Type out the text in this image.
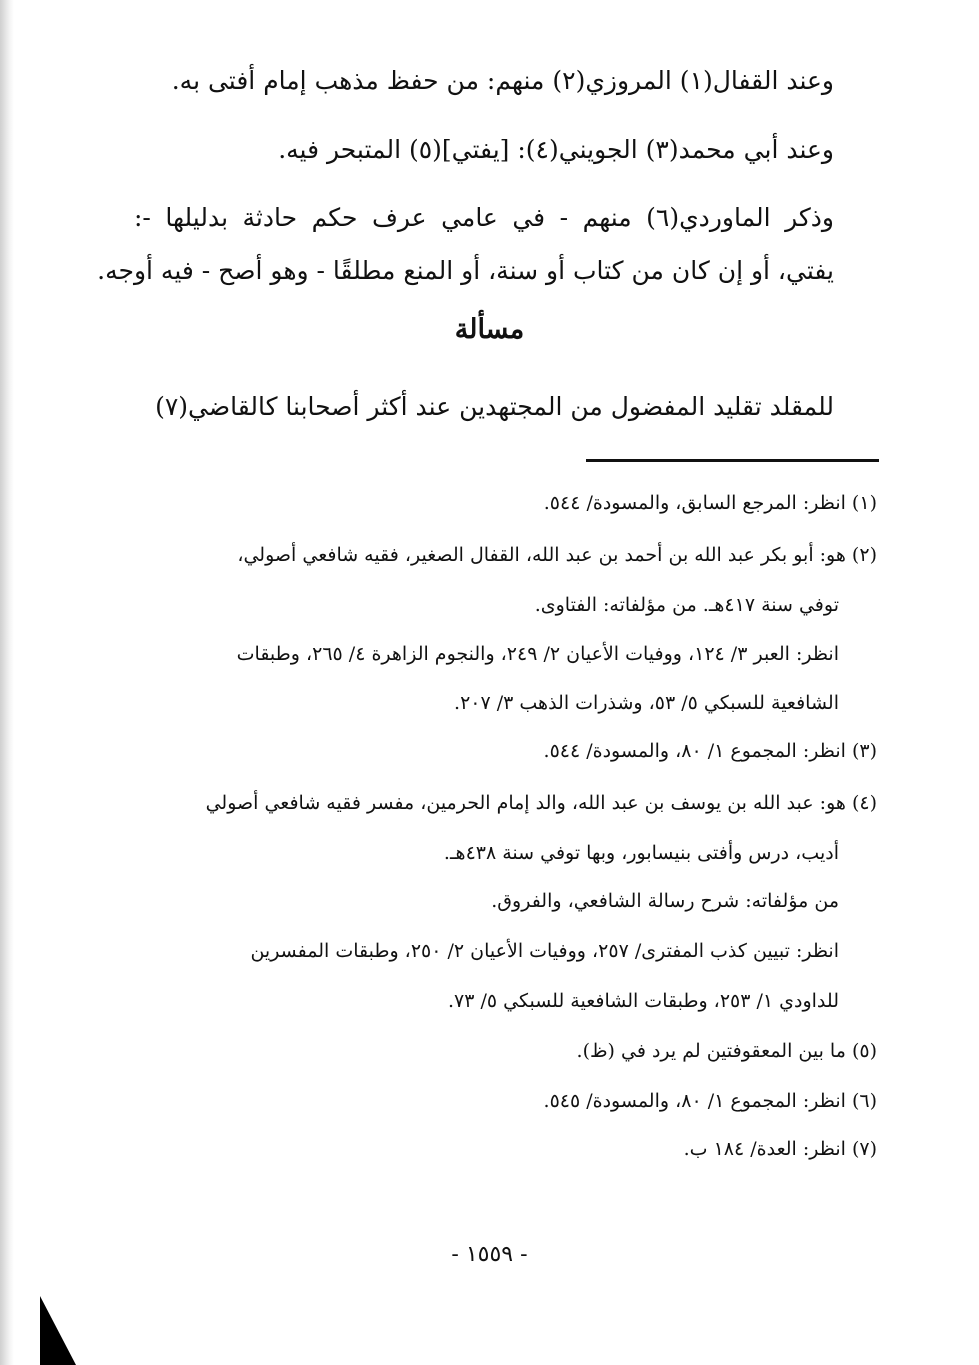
وعند القفال(١) المروزي(٢) منهم: من حفظ مذهب إمام أفتى به.
وعند أبي محمد(٣) الجويني(٤): [يفتي](٥) المتبحر فيه.
وذكر الماوردي(٦) منهم - في عامي عرف حكم حادثة بدليلها -:
يفتي، أو إن كان من كتاب أو سنة، أو المنع مطلقًا - وهو أصح - فيه أوجه.
مسألة
للمقلد تقليد المفضول من المجتهدين عند أكثر أصحابنا كالقاضي(٧)
(١) انظر: المرجع السابق، والمسودة/ ٥٤٤.
(٢) هو: أبو بكر عبد الله بن أحمد بن عبد الله، القفال الصغير، فقيه شافعي أصولي،
توفي سنة ٤١٧هـ. من مؤلفاته: الفتاوى.
انظر: العبر ٣/ ١٢٤، ووفيات الأعيان ٢/ ٢٤٩، والنجوم الزاهرة ٤/ ٢٦٥، وطبقات
الشافعية للسبكي ٥/ ٥٣، وشذرات الذهب ٣/ ٢٠٧.
(٣) انظر: المجموع ١/ ٨٠، والمسودة/ ٥٤٤.
(٤) هو: عبد الله بن يوسف بن عبد الله، والد إمام الحرمين، مفسر فقيه شافعي أصولي
أديب، درس وأفتى بنيسابور، وبها توفي سنة ٤٣٨هـ.
من مؤلفاته: شرح رسالة الشافعي، والفروق.
انظر: تبيين كذب المفترى/ ٢٥٧، ووفيات الأعيان ٢/ ٢٥٠، وطبقات المفسرين
للداودي ١/ ٢٥٣، وطبقات الشافعية للسبكي ٥/ ٧٣.
(٥) ما بين المعقوفتين لم يرد في (ظ).
(٦) انظر: المجموع ١/ ٨٠، والمسودة/ ٥٤٥.
(٧) انظر: العدة/ ١٨٤ ب.
- ١٥٥٩ -
